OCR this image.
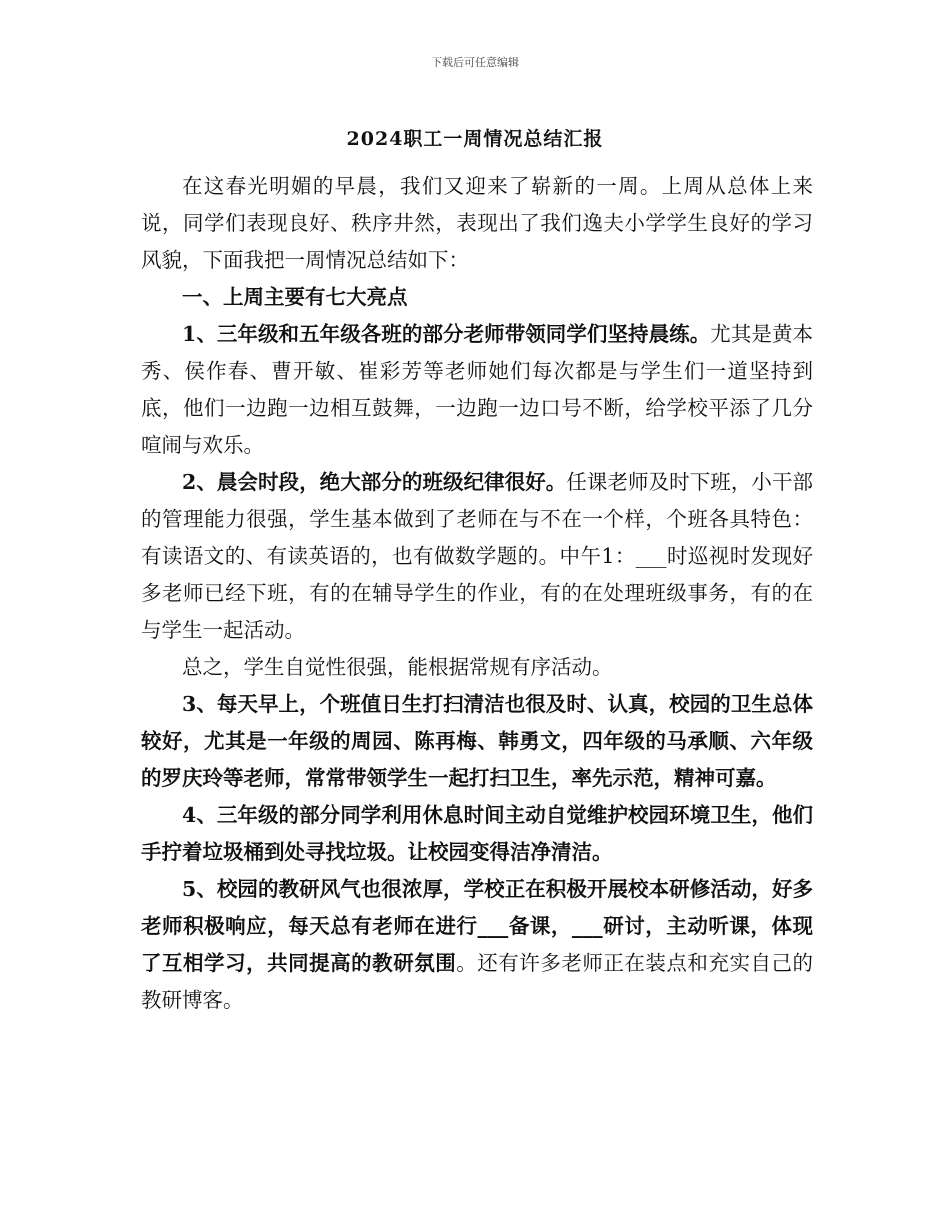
下载后可任意编辑
2024职工一周情况总结汇报

在这春光明媚的早晨，我们又迎来了崭新的一周。上周从总体上来说，同学们表现良好、秩序井然，表现出了我们逸夫小学学生良好的学习风貌，下面我把一周情况总结如下：

一、上周主要有七大亮点

1、三年级和五年级各班的部分老师带领同学们坚持晨练。尤其是黄本秀、侯作春、曹开敏、崔彩芳等老师她们每次都是与学生们一道坚持到底，他们一边跑一边相互鼓舞，一边跑一边口号不断，给学校平添了几分喧闹与欢乐。

2、晨会时段，绝大部分的班级纪律很好。任课老师及时下班，小干部的管理能力很强，学生基本做到了老师在与不在一个样，个班各具特色：有读语文的、有读英语的，也有做数学题的。中午1：___时巡视时发现好多老师已经下班，有的在辅导学生的作业，有的在处理班级事务，有的在与学生一起活动。

总之，学生自觉性很强，能根据常规有序活动。

3、每天早上，个班值日生打扫清洁也很及时、认真，校园的卫生总体较好，尤其是一年级的周园、陈再梅、韩勇文，四年级的马承顺、六年级的罗庆玲等老师，常常带领学生一起打扫卫生，率先示范，精神可嘉。

4、三年级的部分同学利用休息时间主动自觉维护校园环境卫生，他们手拧着垃圾桶到处寻找垃圾。让校园变得洁净清洁。

5、校园的教研风气也很浓厚，学校正在积极开展校本研修活动，好多老师积极响应，每天总有老师在进行___备课，___研讨，主动听课，体现了互相学习，共同提高的教研氛围。还有许多老师正在装点和充实自己的教研博客。
